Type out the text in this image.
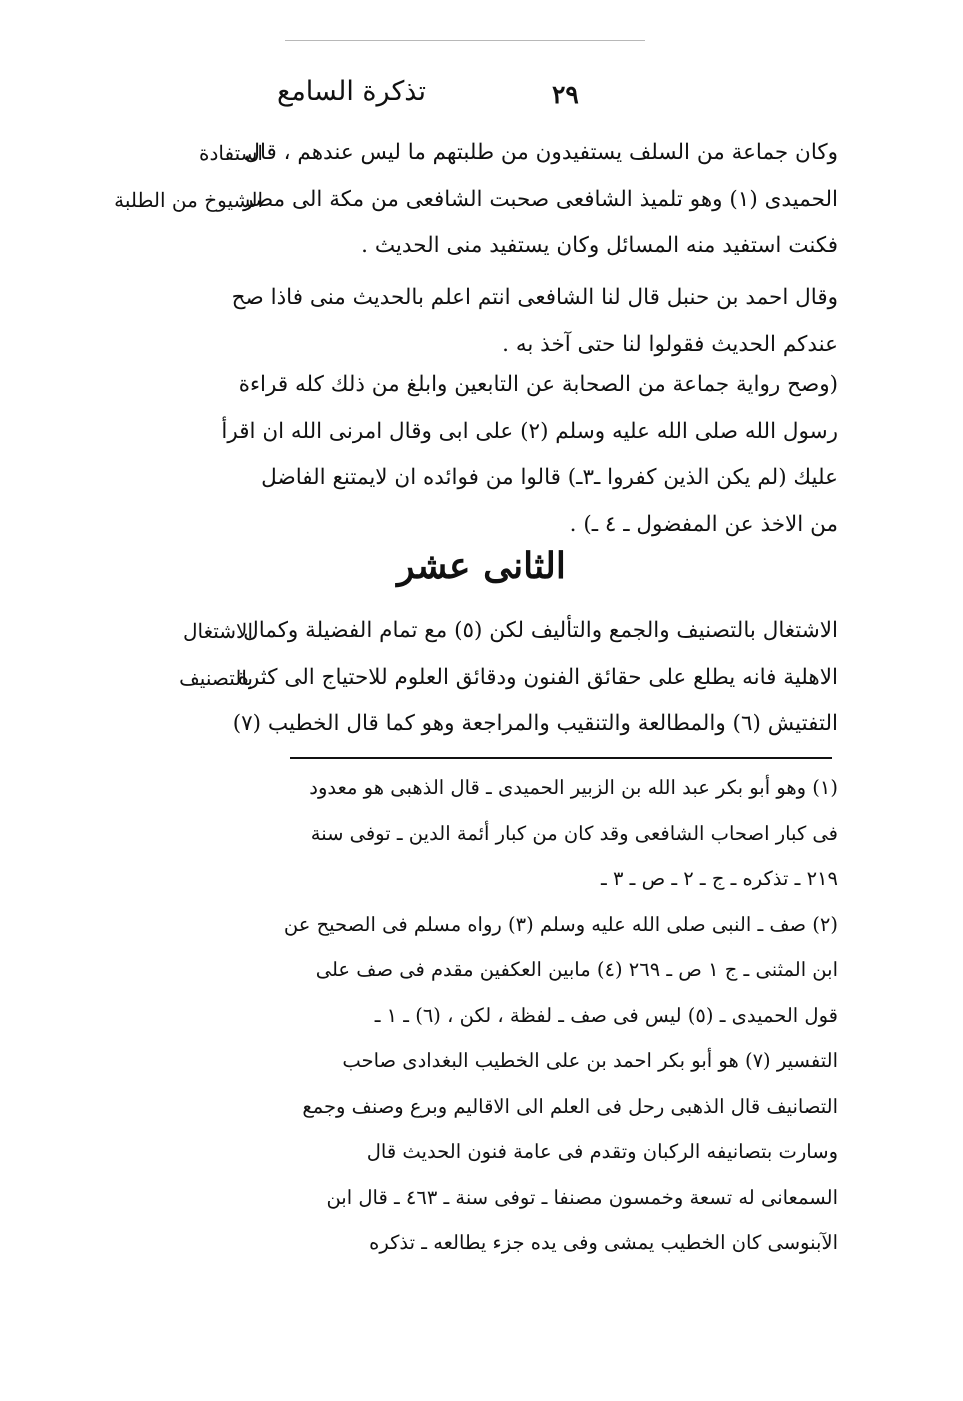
تذكرة السامع	٢٩
استفادة
الشيوخ من الطلبة
وكان جماعة من السلف يستفيدون من طلبتهم ما ليس عندهم ، قال
الحميدى (١) وهو تلميذ الشافعى صحبت الشافعى من مكة الى مصر
فكنت استفيد منه المسائل وكان يستفيد منى الحديث .
وقال احمد بن حنبل قال لنا الشافعى انتم اعلم بالحديث منى فاذا صح
عندكم الحديث فقولوا لنا حتى آخذ به .
(وصح رواية جماعة من الصحابة عن التابعين وابلغ من ذلك كله قراءة
رسول الله صلى الله عليه وسلم (٢) على ابى وقال امرنى الله ان اقرأ
عليك (لم يكن الذين كفروا ـ٣ـ) قالوا من فوائده ان لايمتنع الفاضل
من الاخذ عن المفضول ـ ٤ ـ) .
الثانى عشر
الاشتغال
بالتصنيف
الاشتغال بالتصنيف والجمع والتأليف لكن (٥) مع تمام الفضيلة وكمال
الاهلية فانه يطلع على حقائق الفنون ودقائق العلوم للاحتياج الى كثرة
التفتيش (٦) والمطالعة والتنقيب والمراجعة وهو كما قال الخطيب (٧)
(١) وهو أبو بكر عبد الله بن الزبير الحميدى ـ قال الذهبى هو معدود
فى كبار اصحاب الشافعى وقد كان من كبار أئمة الدين ـ توفى سنة
٢١٩ ـ تذكره ـ ج ـ ٢ ـ ص ـ ٣ ـ
(٢) صف ـ النبى صلى الله عليه وسلم (٣) رواه مسلم فى الصحيح عن
ابن المثنى ـ ج ١ ص ـ ٢٦٩ (٤) مابين العكفين مقدم فى صف على
قول الحميدى ـ (٥) ليس فى صف ـ لفظة ، لكن ، (٦) ـ ١ ـ
التفسير (٧) هو أبو بكر احمد بن على الخطيب البغدادى صاحب
التصانيف قال الذهبى رحل فى العلم الى الاقاليم وبرع وصنف وجمع
وسارت بتصانيفه الركبان وتقدم فى عامة فنون الحديث قال
السمعانى له تسعة وخمسون مصنفا ـ توفى سنة ـ ٤٦٣ ـ قال ابن
الآبنوسى كان الخطيب يمشى وفى يده جزء يطالعه ـ تذكره
